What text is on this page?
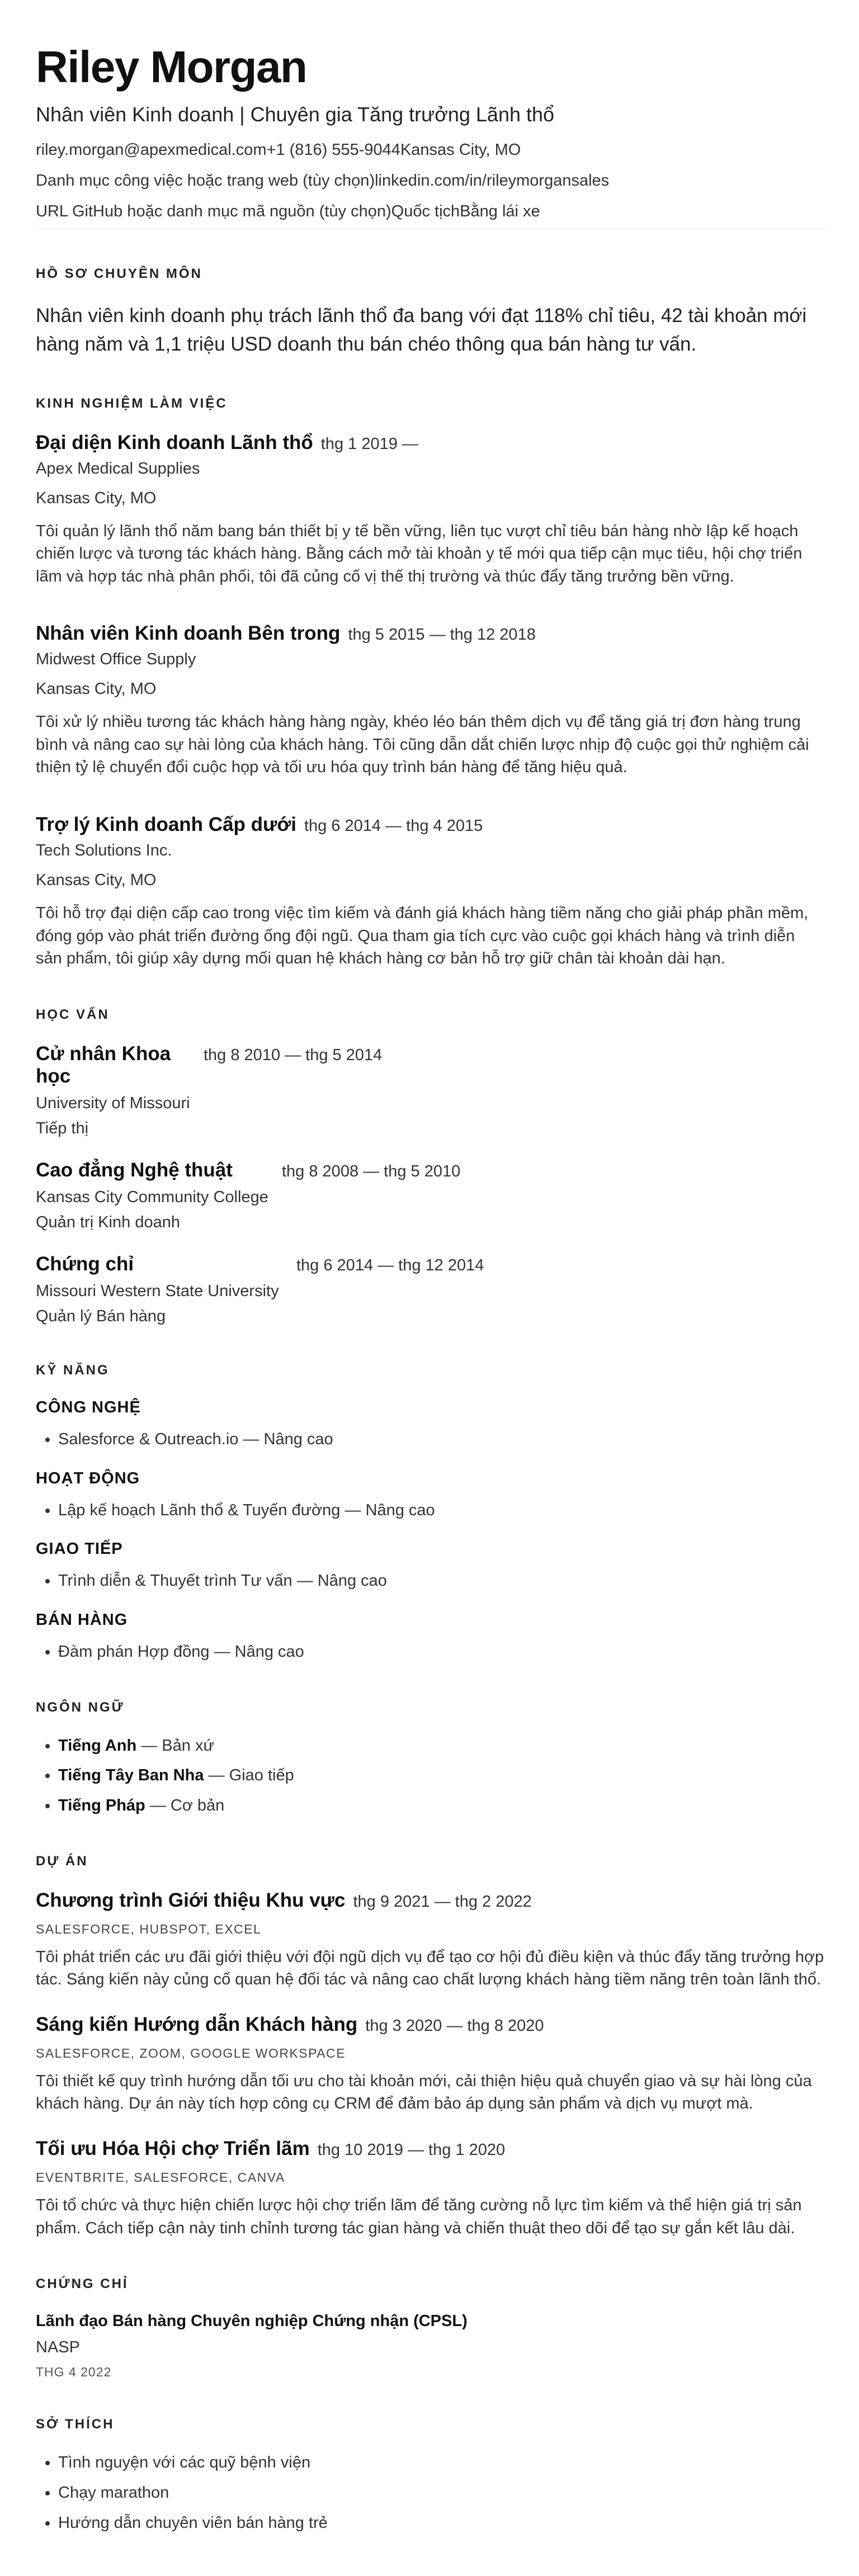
Riley Morgan
Nhân viên Kinh doanh | Chuyên gia Tăng trưởng Lãnh thổ
riley.morgan@apexmedical.com +1 (816) 555-9044 Kansas City, MO
Danh mục công việc hoặc trang web (tùy chọn) linkedin.com/in/rileymorgansales
URL GitHub hoặc danh mục mã nguồn (tùy chọn) Quốc tịch Bằng lái xe
HỒ SƠ CHUYÊN MÔN
Nhân viên kinh doanh phụ trách lãnh thổ đa bang với đạt 118% chỉ tiêu, 42 tài khoản mới hàng năm và 1,1 triệu USD doanh thu bán chéo thông qua bán hàng tư vấn.
KINH NGHIỆM LÀM VIỆC
Đại diện Kinh doanh Lãnh thổ thg 1 2019 —
Apex Medical Supplies
Kansas City, MO
Tôi quản lý lãnh thổ năm bang bán thiết bị y tế bền vững, liên tục vượt chỉ tiêu bán hàng nhờ lập kế hoạch chiến lược và tương tác khách hàng. Bằng cách mở tài khoản y tế mới qua tiếp cận mục tiêu, hội chợ triển lãm và hợp tác nhà phân phối, tôi đã củng cố vị thế thị trường và thúc đẩy tăng trưởng bền vững.
Nhân viên Kinh doanh Bên trong thg 5 2015 — thg 12 2018
Midwest Office Supply
Kansas City, MO
Tôi xử lý nhiều tương tác khách hàng hàng ngày, khéo léo bán thêm dịch vụ để tăng giá trị đơn hàng trung bình và nâng cao sự hài lòng của khách hàng. Tôi cũng dẫn dắt chiến lược nhịp độ cuộc gọi thử nghiệm cải thiện tỷ lệ chuyển đổi cuộc họp và tối ưu hóa quy trình bán hàng để tăng hiệu quả.
Trợ lý Kinh doanh Cấp dưới thg 6 2014 — thg 4 2015
Tech Solutions Inc.
Kansas City, MO
Tôi hỗ trợ đại diện cấp cao trong việc tìm kiếm và đánh giá khách hàng tiềm năng cho giải pháp phần mềm, đóng góp vào phát triển đường ống đội ngũ. Qua tham gia tích cực vào cuộc gọi khách hàng và trình diễn sản phẩm, tôi giúp xây dựng mối quan hệ khách hàng cơ bản hỗ trợ giữ chân tài khoản dài hạn.
HỌC VẤN
Cử nhân Khoa học
thg 8 2010 — thg 5 2014
University of Missouri
Tiếp thị
Cao đẳng Nghệ thuật	thg 8 2008 — thg 5 2010
Kansas City Community College
Quản trị Kinh doanh
Chứng chỉ	thg 6 2014 — thg 12 2014
Missouri Western State University
Quản lý Bán hàng
KỸ NĂNG
CÔNG NGHỆ
• Salesforce & Outreach.io — Nâng cao
HOẠT ĐỘNG
• Lập kế hoạch Lãnh thổ & Tuyến đường — Nâng cao
GIAO TIẾP
• Trình diễn & Thuyết trình Tư vấn — Nâng cao
BÁN HÀNG
• Đàm phán Hợp đồng — Nâng cao
NGÔN NGỮ
• Tiếng Anh — Bản xứ
• Tiếng Tây Ban Nha — Giao tiếp
• Tiếng Pháp — Cơ bản
DỰ ÁN
Chương trình Giới thiệu Khu vực thg 9 2021 — thg 2 2022
SALESFORCE, HUBSPOT, EXCEL
Tôi phát triển các ưu đãi giới thiệu với đội ngũ dịch vụ để tạo cơ hội đủ điều kiện và thúc đẩy tăng trưởng hợp tác. Sáng kiến này củng cố quan hệ đối tác và nâng cao chất lượng khách hàng tiềm năng trên toàn lãnh thổ.
Sáng kiến Hướng dẫn Khách hàng thg 3 2020 — thg 8 2020
SALESFORCE, ZOOM, GOOGLE WORKSPACE
Tôi thiết kế quy trình hướng dẫn tối ưu cho tài khoản mới, cải thiện hiệu quả chuyển giao và sự hài lòng của khách hàng. Dự án này tích hợp công cụ CRM để đảm bảo áp dụng sản phẩm và dịch vụ mượt mà.
Tối ưu Hóa Hội chợ Triển lãm thg 10 2019 — thg 1 2020
EVENTBRITE, SALESFORCE, CANVA
Tôi tổ chức và thực hiện chiến lược hội chợ triển lãm để tăng cường nỗ lực tìm kiếm và thể hiện giá trị sản phẩm. Cách tiếp cận này tinh chỉnh tương tác gian hàng và chiến thuật theo dõi để tạo sự gắn kết lâu dài.
CHỨNG CHỈ
Lãnh đạo Bán hàng Chuyên nghiệp Chứng nhận (CPSL)
NASP
THG 4 2022
SỞ THÍCH
• Tình nguyện với các quỹ bệnh viện
• Chạy marathon
• Hướng dẫn chuyên viên bán hàng trẻ
